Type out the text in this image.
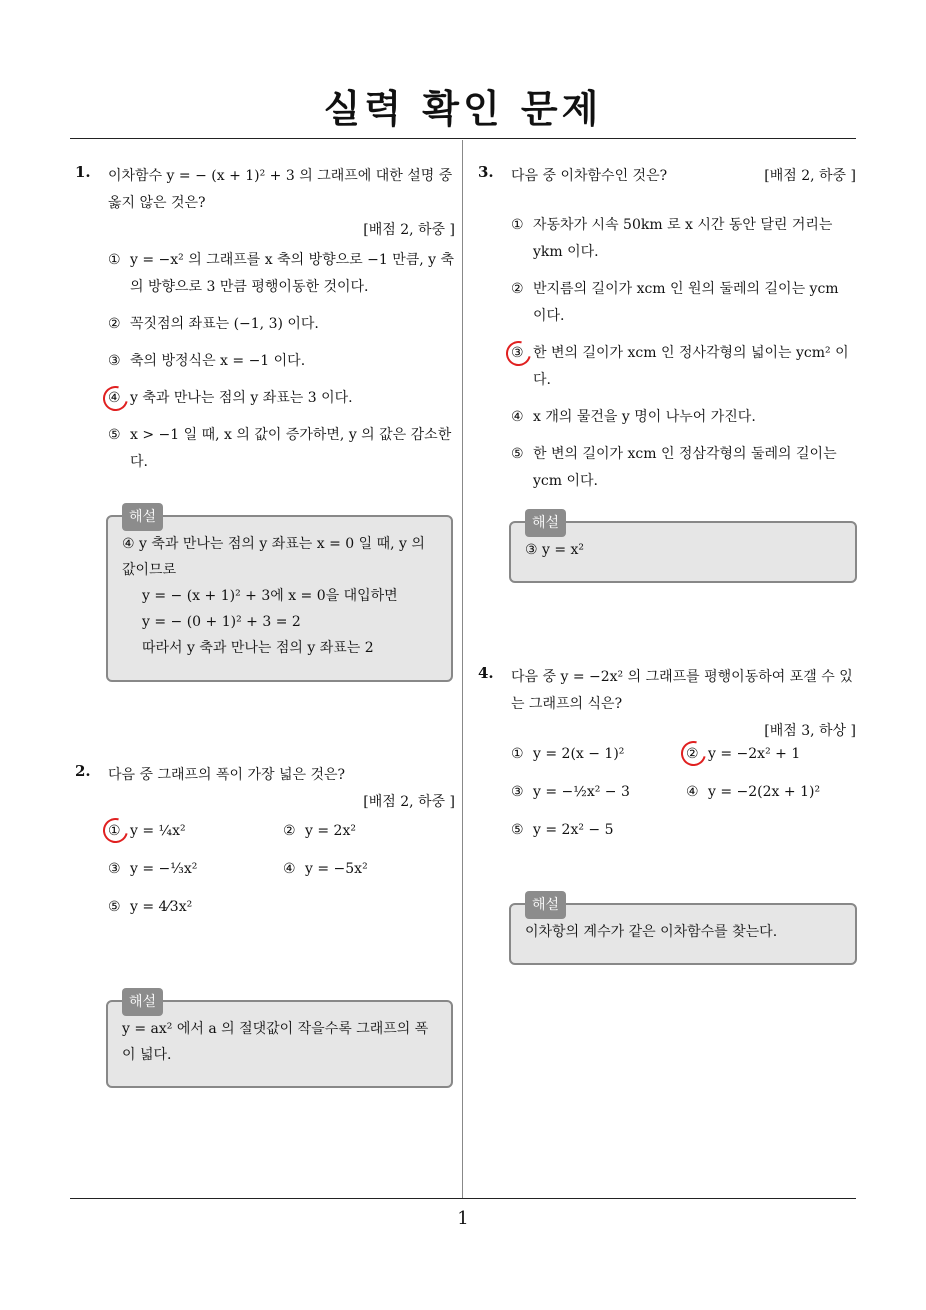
실력 확인 문제
1. 이차함수 y = − (x + 1)² + 3 의 그래프에 대한 설명 중 옳지 않은 것은?

[배점 2, 하중 ]
① y = −x² 의 그래프를 x 축의 방향으로 −1 만큼, y 축의 방향으로 3 만큼 평행이동한 것이다.
② 꼭짓점의 좌표는 (−1, 3) 이다.
③ 축의 방정식은 x = −1 이다.
④ y 축과 만나는 점의 y 좌표는 3 이다.
⑤ x > −1 일 때, x 의 값이 증가하면, y 의 값은 감소한다.
해설
④ y 축과 만나는 점의 y 좌표는 x = 0 일 때, y 의 값이므로
y = − (x + 1)² + 3에 x = 0을 대입하면
y = − (0 + 1)² + 3 = 2
따라서 y 축과 만나는 점의 y 좌표는 2
2. 다음 중 그래프의 폭이 가장 넓은 것은?

[배점 2, 하중 ]
① y = ¼x²	② y = 2x²
③ y = −⅓x²	④ y = −5x²
⑤ y = 4⁄3x²
해설
y = ax² 에서 a 의 절댓값이 작을수록 그래프의 폭이 넓다.
3. 다음 중 이차함수인 것은?	[배점 2, 하중 ]
① 자동차가 시속 50km 로 x 시간 동안 달린 거리는 ykm 이다.
② 반지름의 길이가 xcm 인 원의 둘레의 길이는 ycm 이다.
③ 한 변의 길이가 xcm 인 정사각형의 넓이는 ycm² 이다.
④ x 개의 물건을 y 명이 나누어 가진다.
⑤ 한 변의 길이가 xcm 인 정삼각형의 둘레의 길이는 ycm 이다.
해설
③ y = x²
4. 다음 중 y = −2x² 의 그래프를 평행이동하여 포갤 수 있는 그래프의 식은?

[배점 3, 하상 ]
① y = 2(x − 1)²	② y = −2x² + 1
③ y = −½x² − 3	④ y = −2(2x + 1)²
⑤ y = 2x² − 5
해설
이차항의 계수가 같은 이차함수를 찾는다.
1
